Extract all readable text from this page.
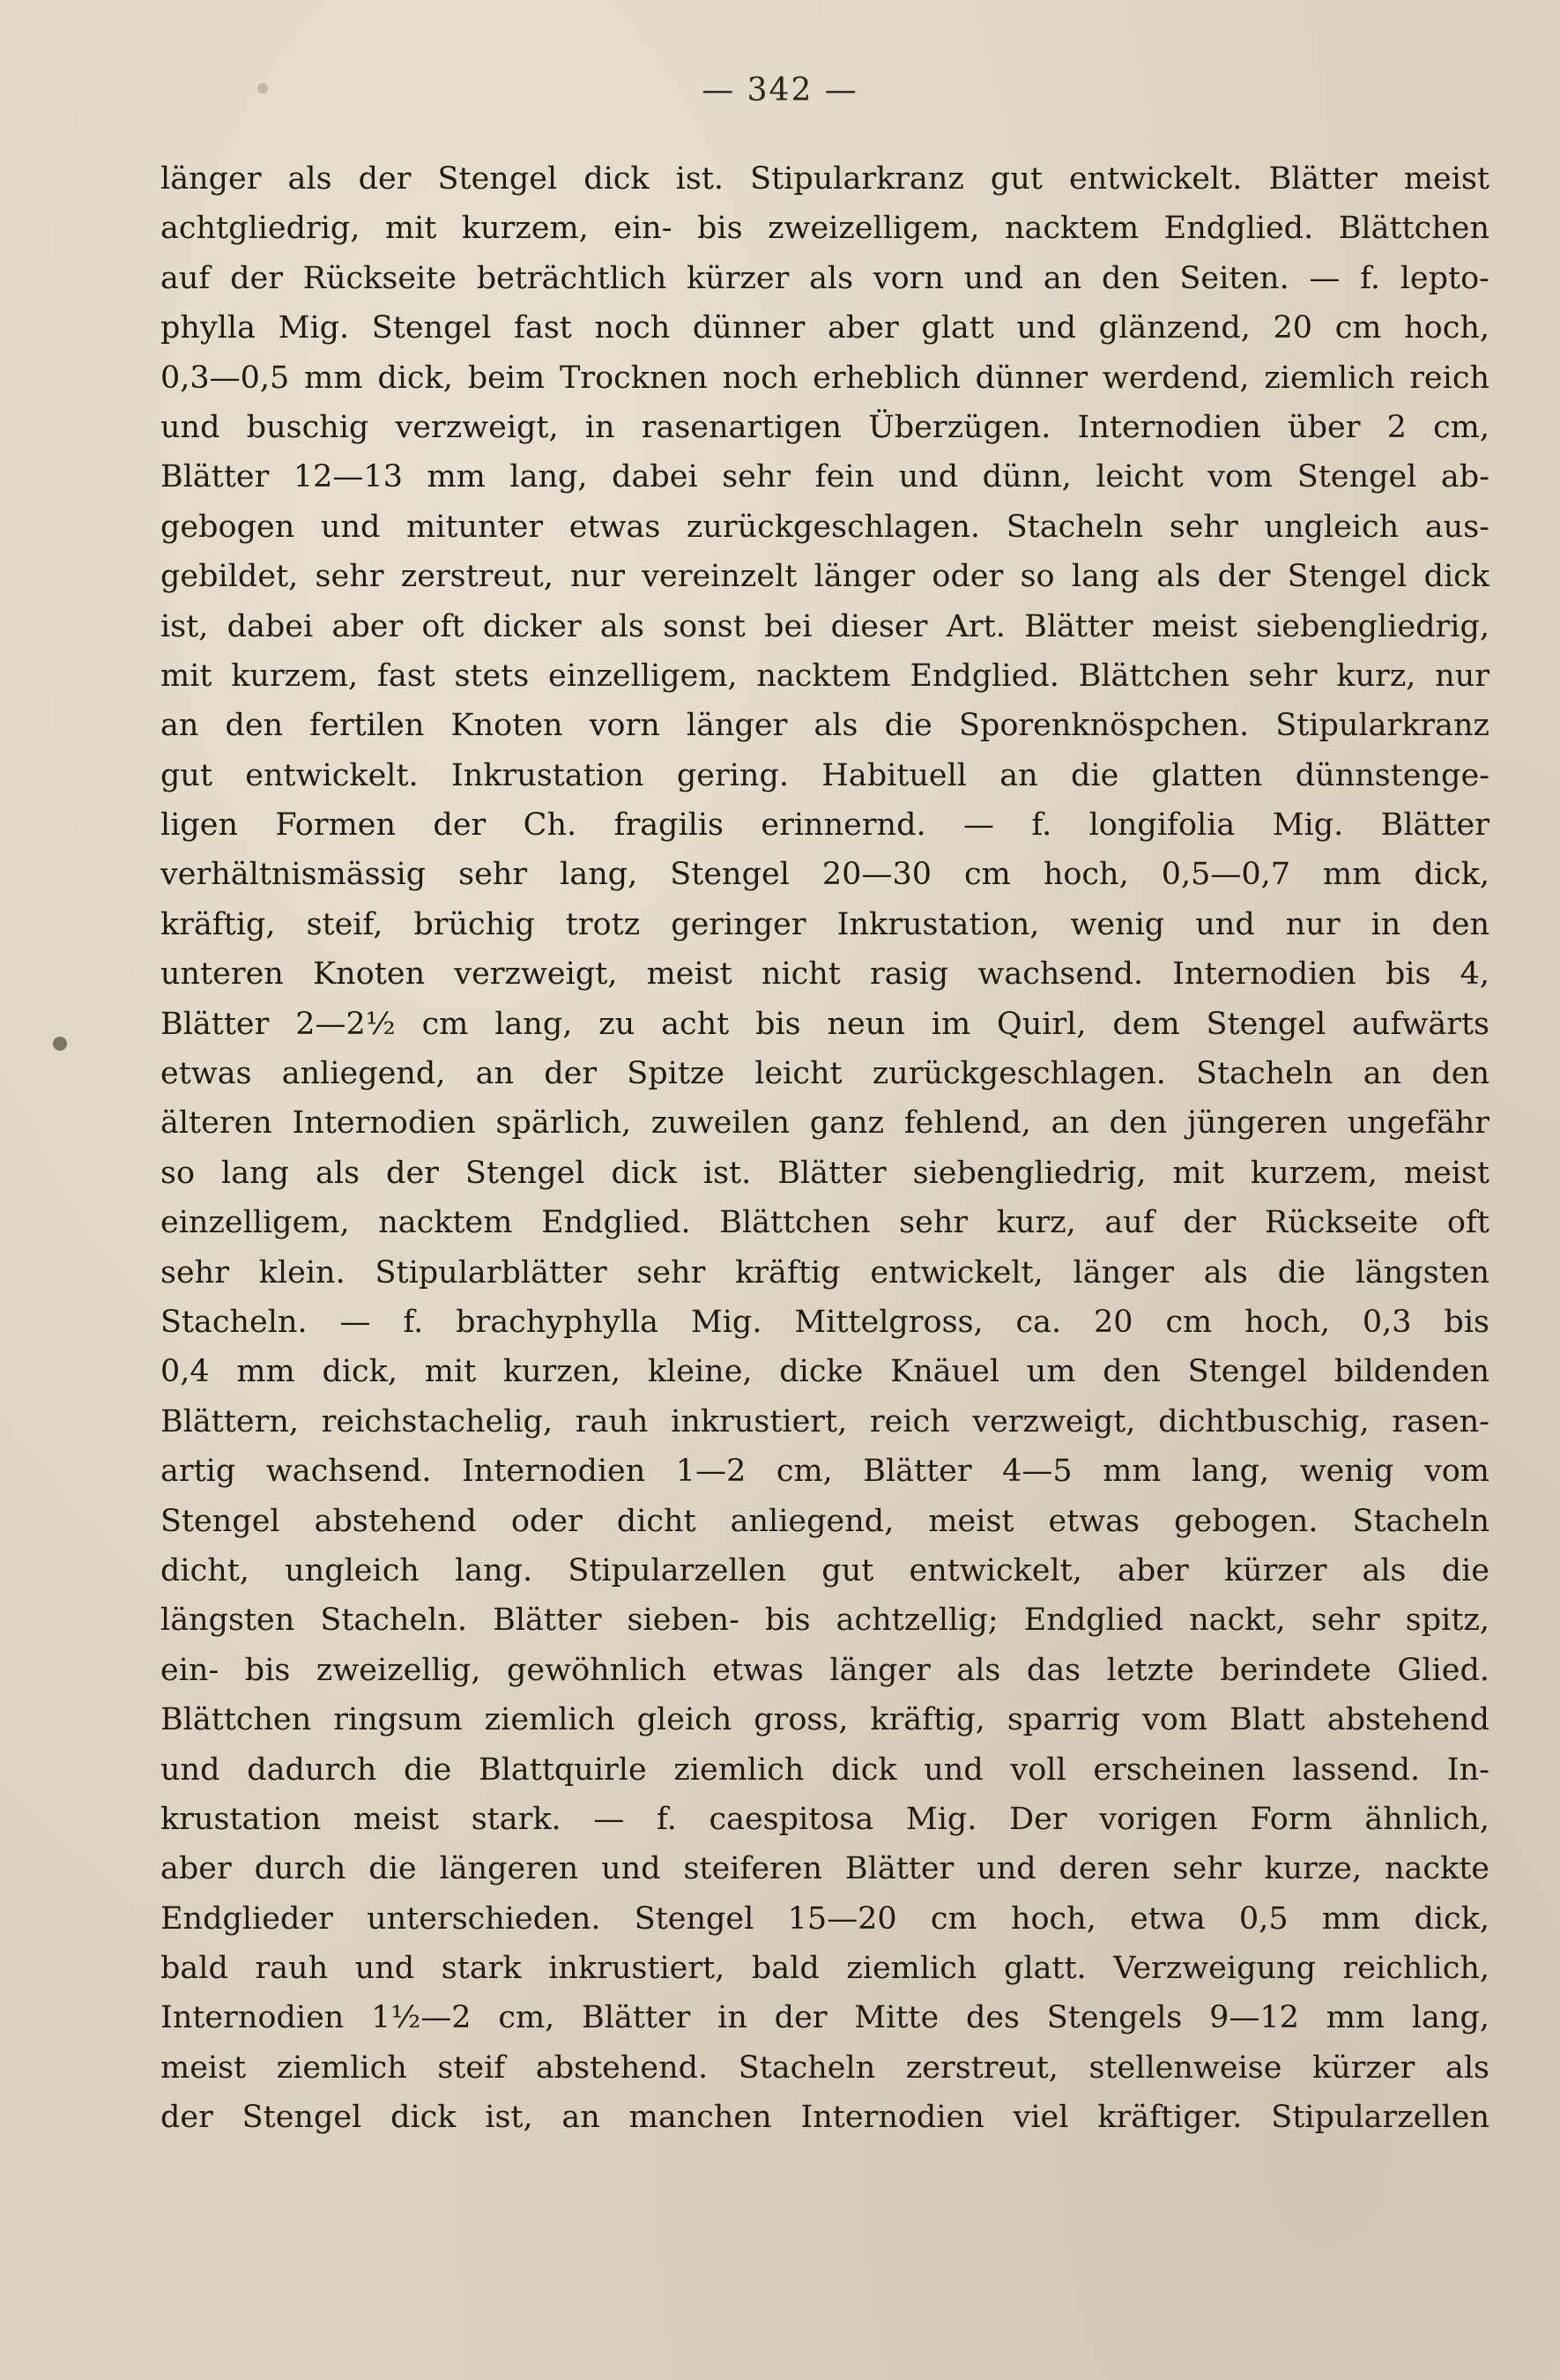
— 342 —

länger als der Stengel dick ist. Stipularkranz gut entwickelt. Blätter meist
achtgliedrig, mit kurzem, ein- bis zweizelligem, nacktem Endglied. Blättchen
auf der Rückseite beträchtlich kürzer als vorn und an den Seiten. — f. lepto-
phylla Mig. Stengel fast noch dünner aber glatt und glänzend, 20 cm hoch,
0,3—0,5 mm dick, beim Trocknen noch erheblich dünner werdend, ziemlich reich
und buschig verzweigt, in rasenartigen Überzügen. Internodien über 2 cm,
Blätter 12—13 mm lang, dabei sehr fein und dünn, leicht vom Stengel ab-
gebogen und mitunter etwas zurückgeschlagen. Stacheln sehr ungleich aus-
gebildet, sehr zerstreut, nur vereinzelt länger oder so lang als der Stengel dick
ist, dabei aber oft dicker als sonst bei dieser Art. Blätter meist siebengliedrig,
mit kurzem, fast stets einzelligem, nacktem Endglied. Blättchen sehr kurz, nur
an den fertilen Knoten vorn länger als die Sporenknöspchen. Stipularkranz
gut entwickelt. Inkrustation gering. Habituell an die glatten dünnstenge-
ligen Formen der Ch. fragilis erinnernd. — f. longifolia Mig. Blätter
verhältnismässig sehr lang, Stengel 20—30 cm hoch, 0,5—0,7 mm dick,
kräftig, steif, brüchig trotz geringer Inkrustation, wenig und nur in den
unteren Knoten verzweigt, meist nicht rasig wachsend. Internodien bis 4,
Blätter 2—2½ cm lang, zu acht bis neun im Quirl, dem Stengel aufwärts
etwas anliegend, an der Spitze leicht zurückgeschlagen. Stacheln an den
älteren Internodien spärlich, zuweilen ganz fehlend, an den jüngeren ungefähr
so lang als der Stengel dick ist. Blätter siebengliedrig, mit kurzem, meist
einzelligem, nacktem Endglied. Blättchen sehr kurz, auf der Rückseite oft
sehr klein. Stipularblätter sehr kräftig entwickelt, länger als die längsten
Stacheln. — f. brachyphylla Mig. Mittelgross, ca. 20 cm hoch, 0,3 bis
0,4 mm dick, mit kurzen, kleine, dicke Knäuel um den Stengel bildenden
Blättern, reichstachelig, rauh inkrustiert, reich verzweigt, dichtbuschig, rasen-
artig wachsend. Internodien 1—2 cm, Blätter 4—5 mm lang, wenig vom
Stengel abstehend oder dicht anliegend, meist etwas gebogen. Stacheln
dicht, ungleich lang. Stipularzellen gut entwickelt, aber kürzer als die
längsten Stacheln. Blätter sieben- bis achtzellig; Endglied nackt, sehr spitz,
ein- bis zweizellig, gewöhnlich etwas länger als das letzte berindete Glied.
Blättchen ringsum ziemlich gleich gross, kräftig, sparrig vom Blatt abstehend
und dadurch die Blattquirle ziemlich dick und voll erscheinen lassend. In-
krustation meist stark. — f. caespitosa Mig. Der vorigen Form ähnlich,
aber durch die längeren und steiferen Blätter und deren sehr kurze, nackte
Endglieder unterschieden. Stengel 15—20 cm hoch, etwa 0,5 mm dick,
bald rauh und stark inkrustiert, bald ziemlich glatt. Verzweigung reichlich,
Internodien 1½—2 cm, Blätter in der Mitte des Stengels 9—12 mm lang,
meist ziemlich steif abstehend. Stacheln zerstreut, stellenweise kürzer als
der Stengel dick ist, an manchen Internodien viel kräftiger. Stipularzellen
